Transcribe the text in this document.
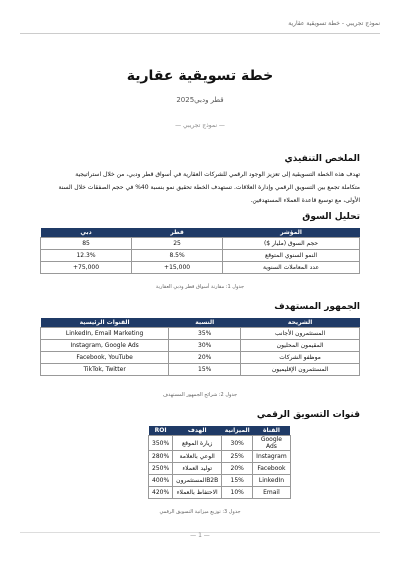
نموذج تجريبي - خطة تسويقية عقارية
خطة تسويقية عقارية
قطر ودبي2025
— نموذج تجريبي —
الملخص التنفيذي
تهدف هذه الخطة التسويقية إلى تعزيز الوجود الرقمي للشركات العقارية في أسواق قطر ودبي، من خلال استراتيجية
متكاملة تجمع بين التسويق الرقمي وإدارة العلاقات. تستهدف الخطة تحقيق نمو بنسبة 40% في حجم الصفقات خلال السنة
الأولى، مع توسيع قاعدة العملاء المستهدفين.
تحليل السوق
المؤشر	قطر	دبي
حجم السوق (مليار $)	25	85
النمو السنوي المتوقع	8.5%	12.3%
عدد المعاملات السنوية	15,000+	75,000+
جدول 1: مقارنة أسواق قطر ودبي العقارية
الجمهور المستهدف
الشريحة	النسبة	القنوات الرئيسية
المستثمرون الأجانب	35%	LinkedIn, Email Marketing
المقيمون المحليون	30%	Instagram, Google Ads
موظفو الشركات	20%	Facebook, YouTube
المستثمرون الإقليميون	15%	TikTok, Twitter
جدول 2: شرائح الجمهور المستهدف
قنوات التسويق الرقمي
القناة	الميزانية	الهدف	ROI
Google Ads	30%	زيارة الموقع	350%
Instagram	25%	الوعي بالعلامة	280%
Facebook	20%	توليد العملاء	250%
LinkedIn	15%	B2Bالمستثمرون	400%
Email	10%	الاحتفاظ بالعملاء	420%
جدول 3: توزيع ميزانية التسويق الرقمي
— 1 —
